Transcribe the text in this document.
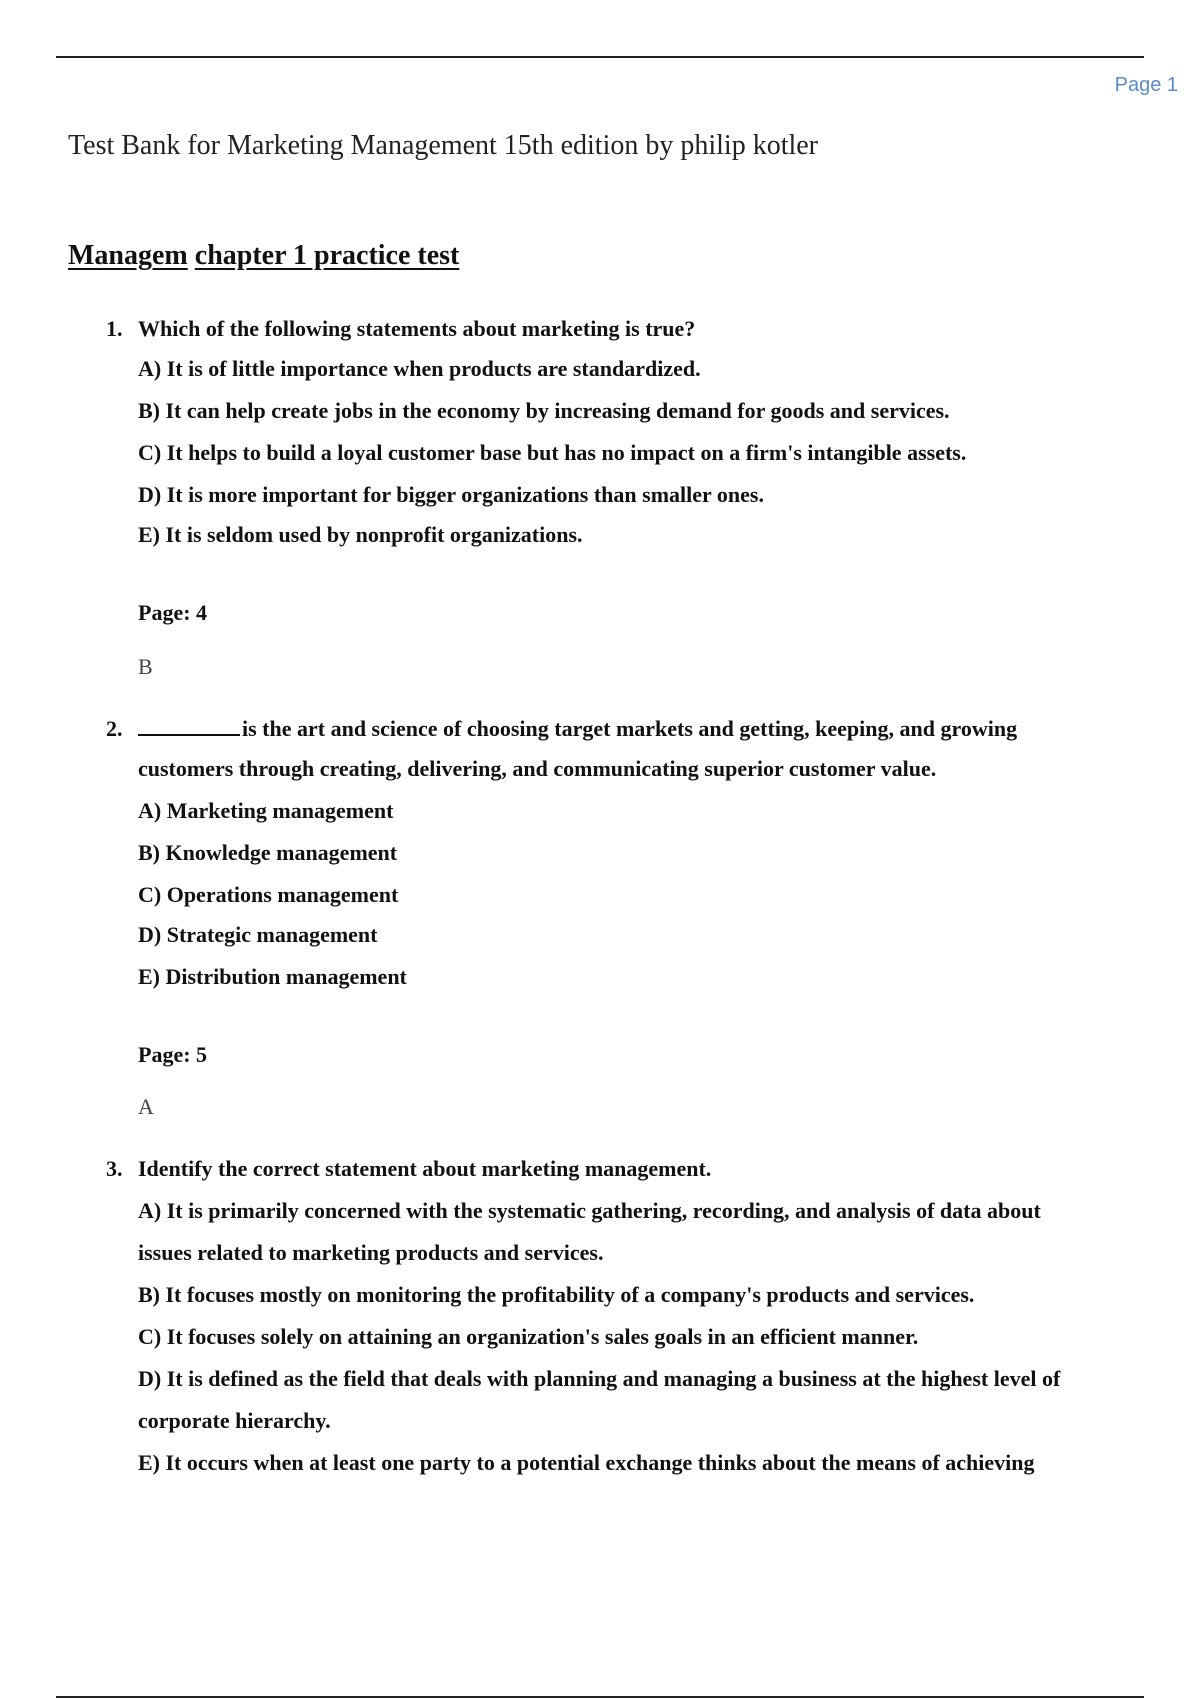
Page 1
Test Bank for Marketing Management 15th edition by philip kotler
Managem chapter 1 practice test
1. Which of the following statements about marketing is true?
A) It is of little importance when products are standardized.
B) It can help create jobs in the economy by increasing demand for goods and services.
C) It helps to build a loyal customer base but has no impact on a firm's intangible assets.
D) It is more important for bigger organizations than smaller ones.
E) It is seldom used by nonprofit organizations.
Page: 4
B
2.	is the art and science of choosing target markets and getting, keeping, and growing
customers through creating, delivering, and communicating superior customer value.
A) Marketing management
B) Knowledge management
C) Operations management
D) Strategic management
E) Distribution management
Page: 5
A
3. Identify the correct statement about marketing management.
A) It is primarily concerned with the systematic gathering, recording, and analysis of data about
issues related to marketing products and services.
B) It focuses mostly on monitoring the profitability of a company's products and services.
C) It focuses solely on attaining an organization's sales goals in an efficient manner.
D) It is defined as the field that deals with planning and managing a business at the highest level of
corporate hierarchy.
E) It occurs when at least one party to a potential exchange thinks about the means of achieving
